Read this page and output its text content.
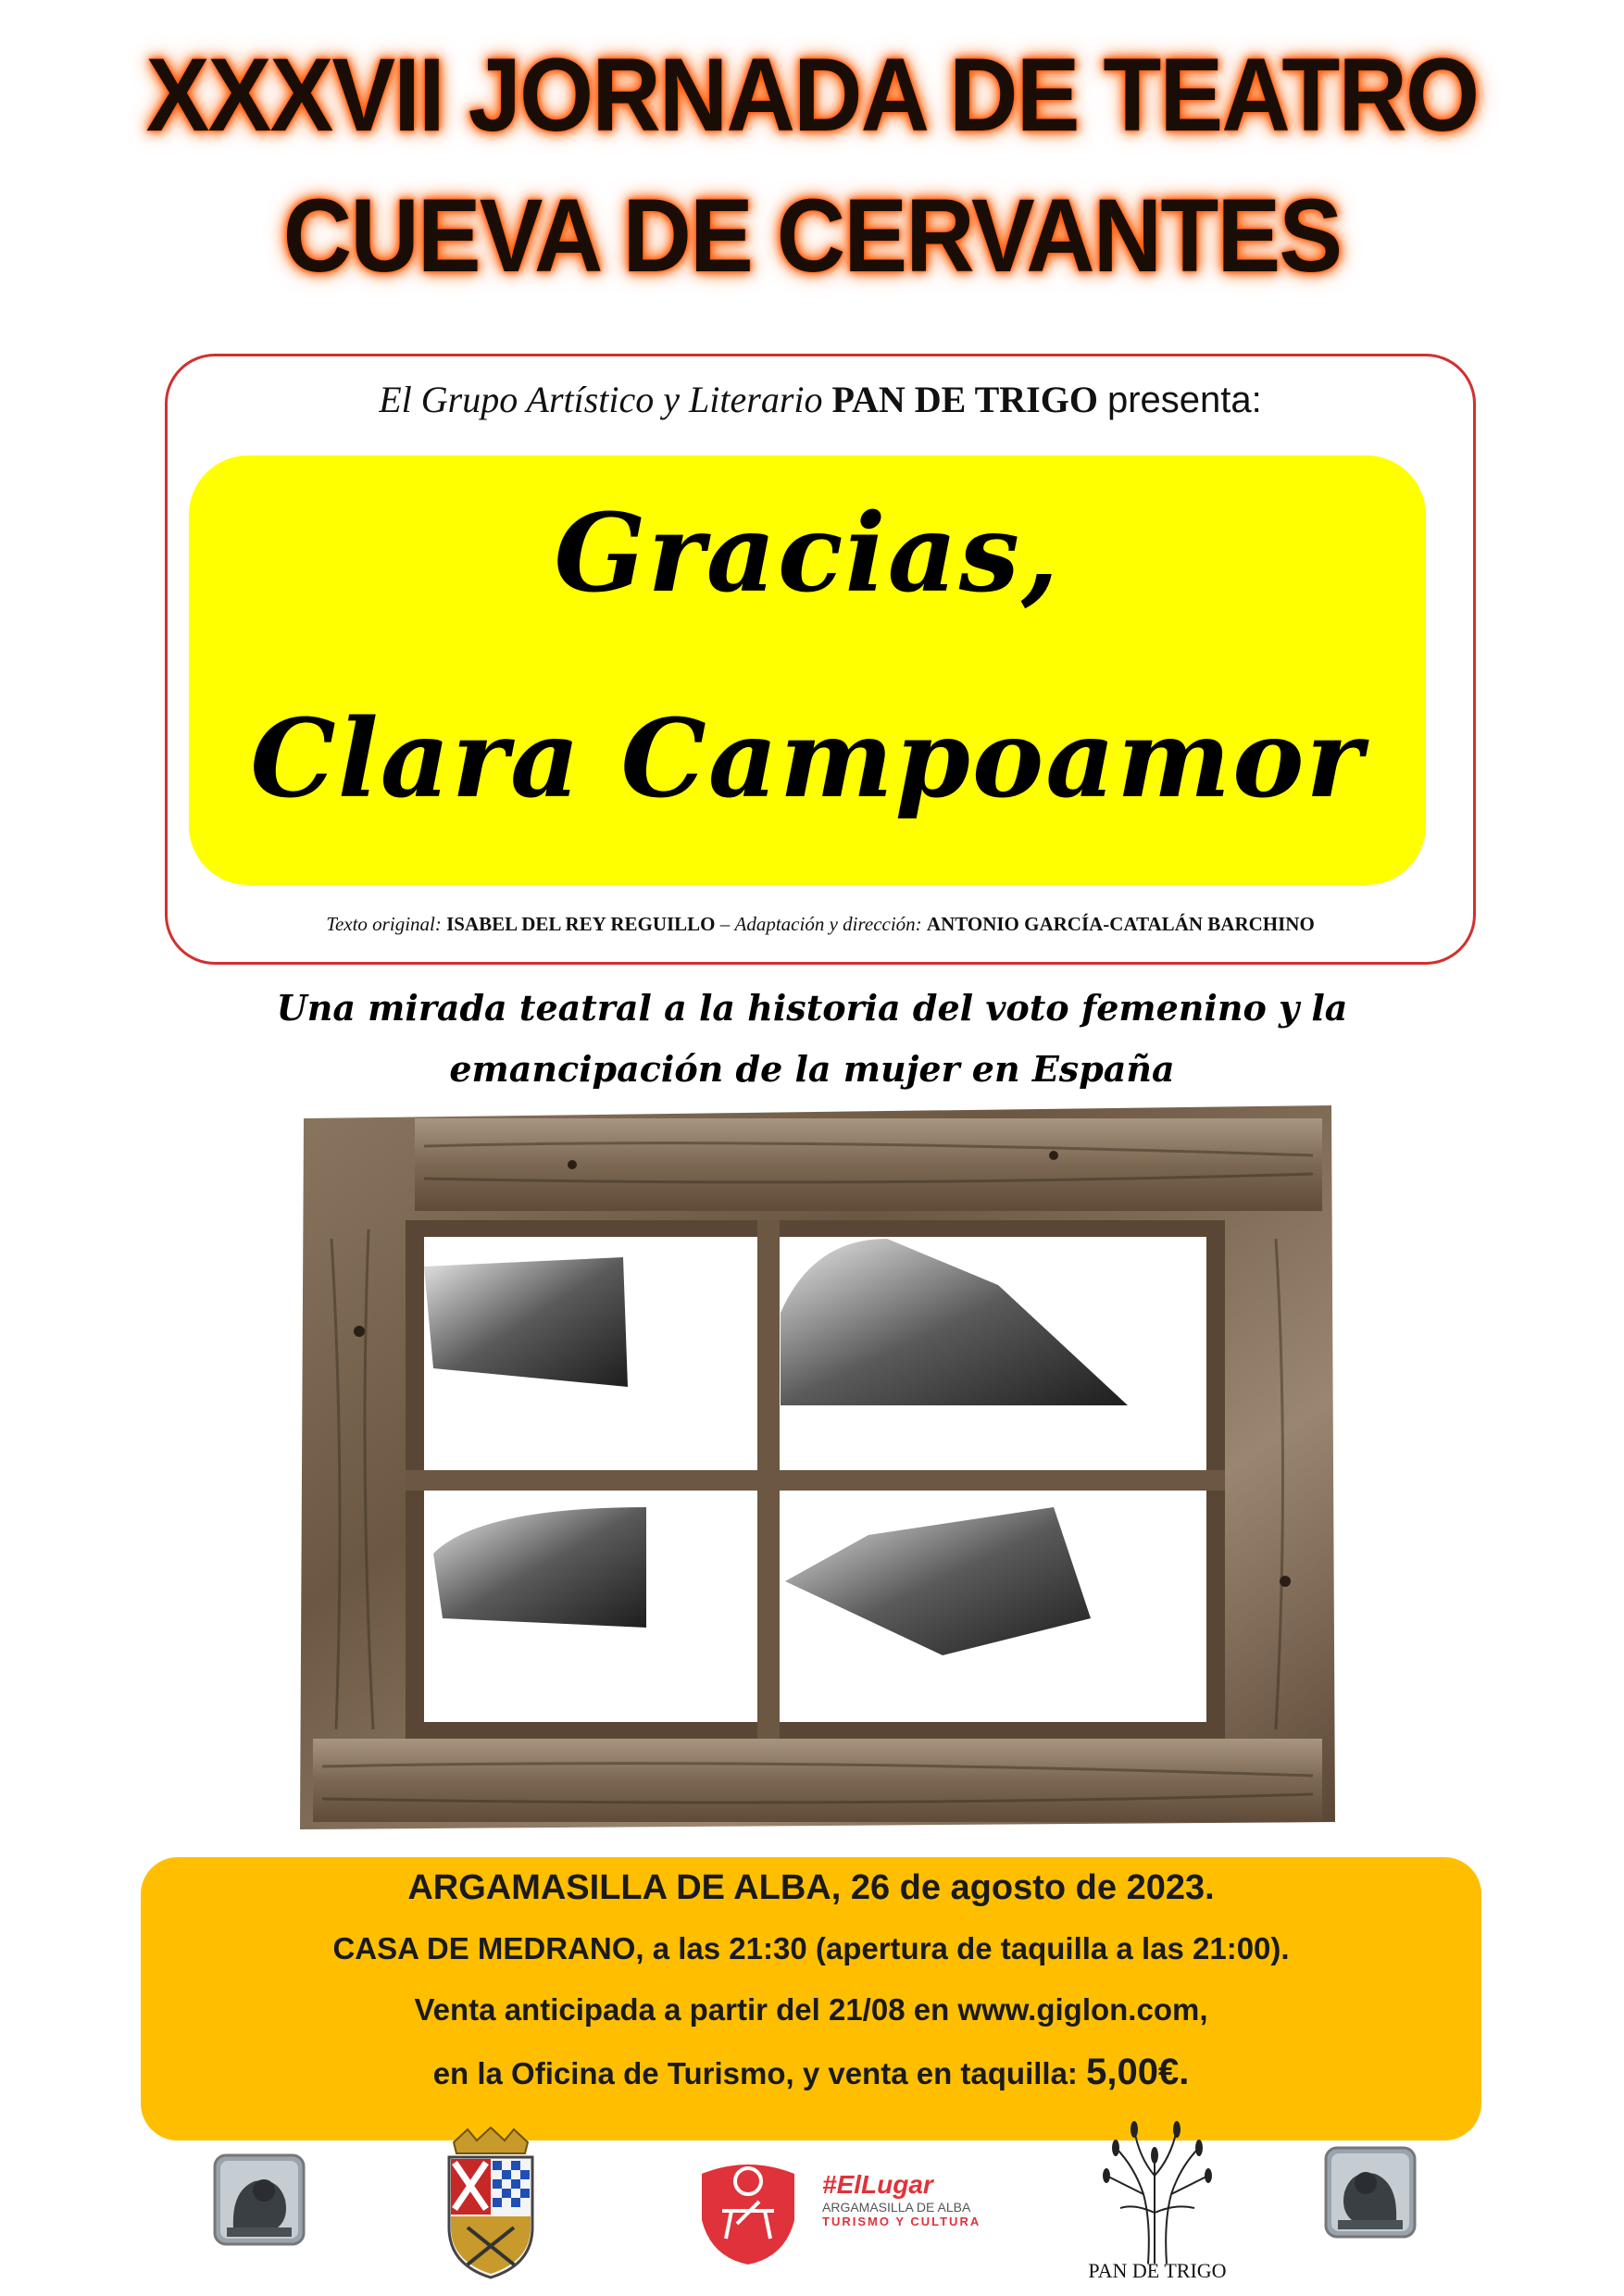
XXXVII JORNADA DE TEATRO
CUEVA DE CERVANTES
El Grupo Artístico y Literario PAN DE TRIGO presenta:
Gracias,
Clara Campoamor
Texto original: ISABEL DEL REY REGUILLO – Adaptación y dirección: ANTONIO GARCÍA-CATALÁN BARCHINO
Una mirada teatral a la historia del voto femenino y la
emancipación de la mujer en España
ARGAMASILLA DE ALBA, 26 de agosto de 2023.
CASA DE MEDRANO, a las 21:30 (apertura de taquilla a las 21:00).
Venta anticipada a partir del 21/08 en www.giglon.com,
en la Oficina de Turismo, y venta en taquilla: 5,00€.
#ElLugar
ARGAMASILLA DE ALBA
TURISMO Y CULTURA
PAN DE TRIGO
